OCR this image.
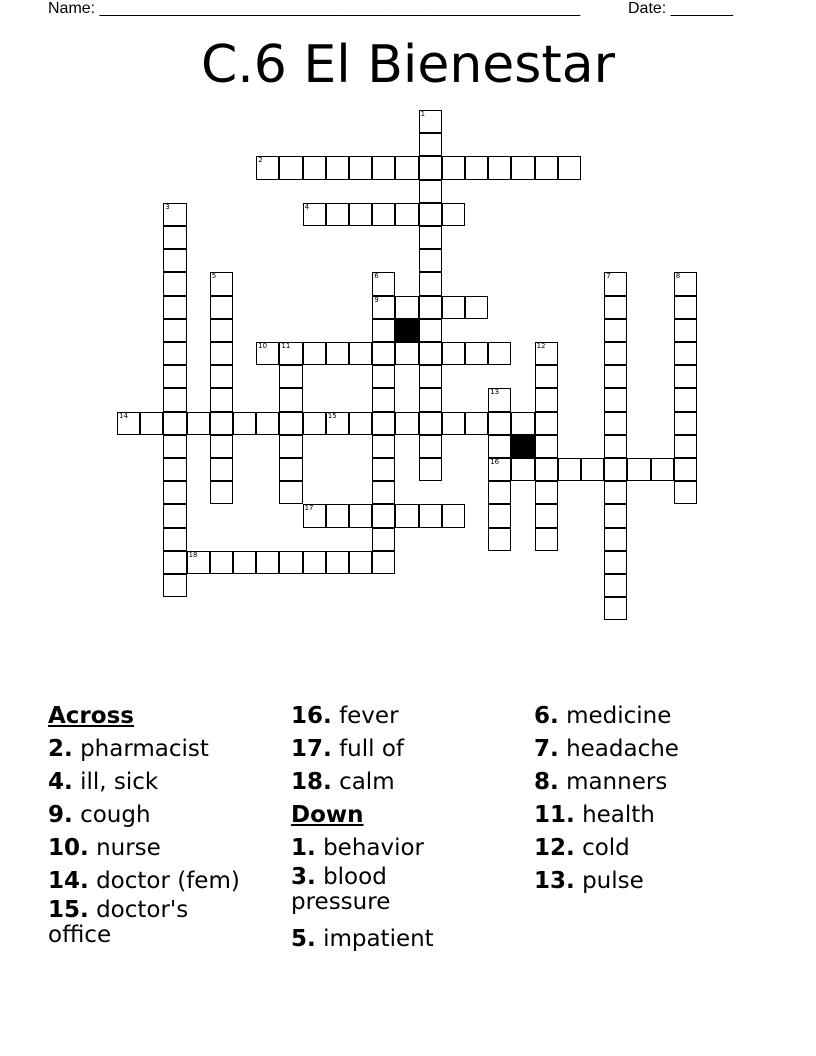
Name: ______________________________________________________	Date: _______
C.6 El Bienestar
1
2
3	4
5	6
9
7	8
10 11	12
13
16
14	15
17
18
Across
2. pharmacist
4. ill, sick
9. cough
10. nurse
14. doctor (fem)
15. doctor's office
16. fever
17. full of
18. calm
Down
1. behavior
3. blood pressure
5. impatient
6. medicine
7. headache
8. manners
11. health
12. cold
13. pulse
